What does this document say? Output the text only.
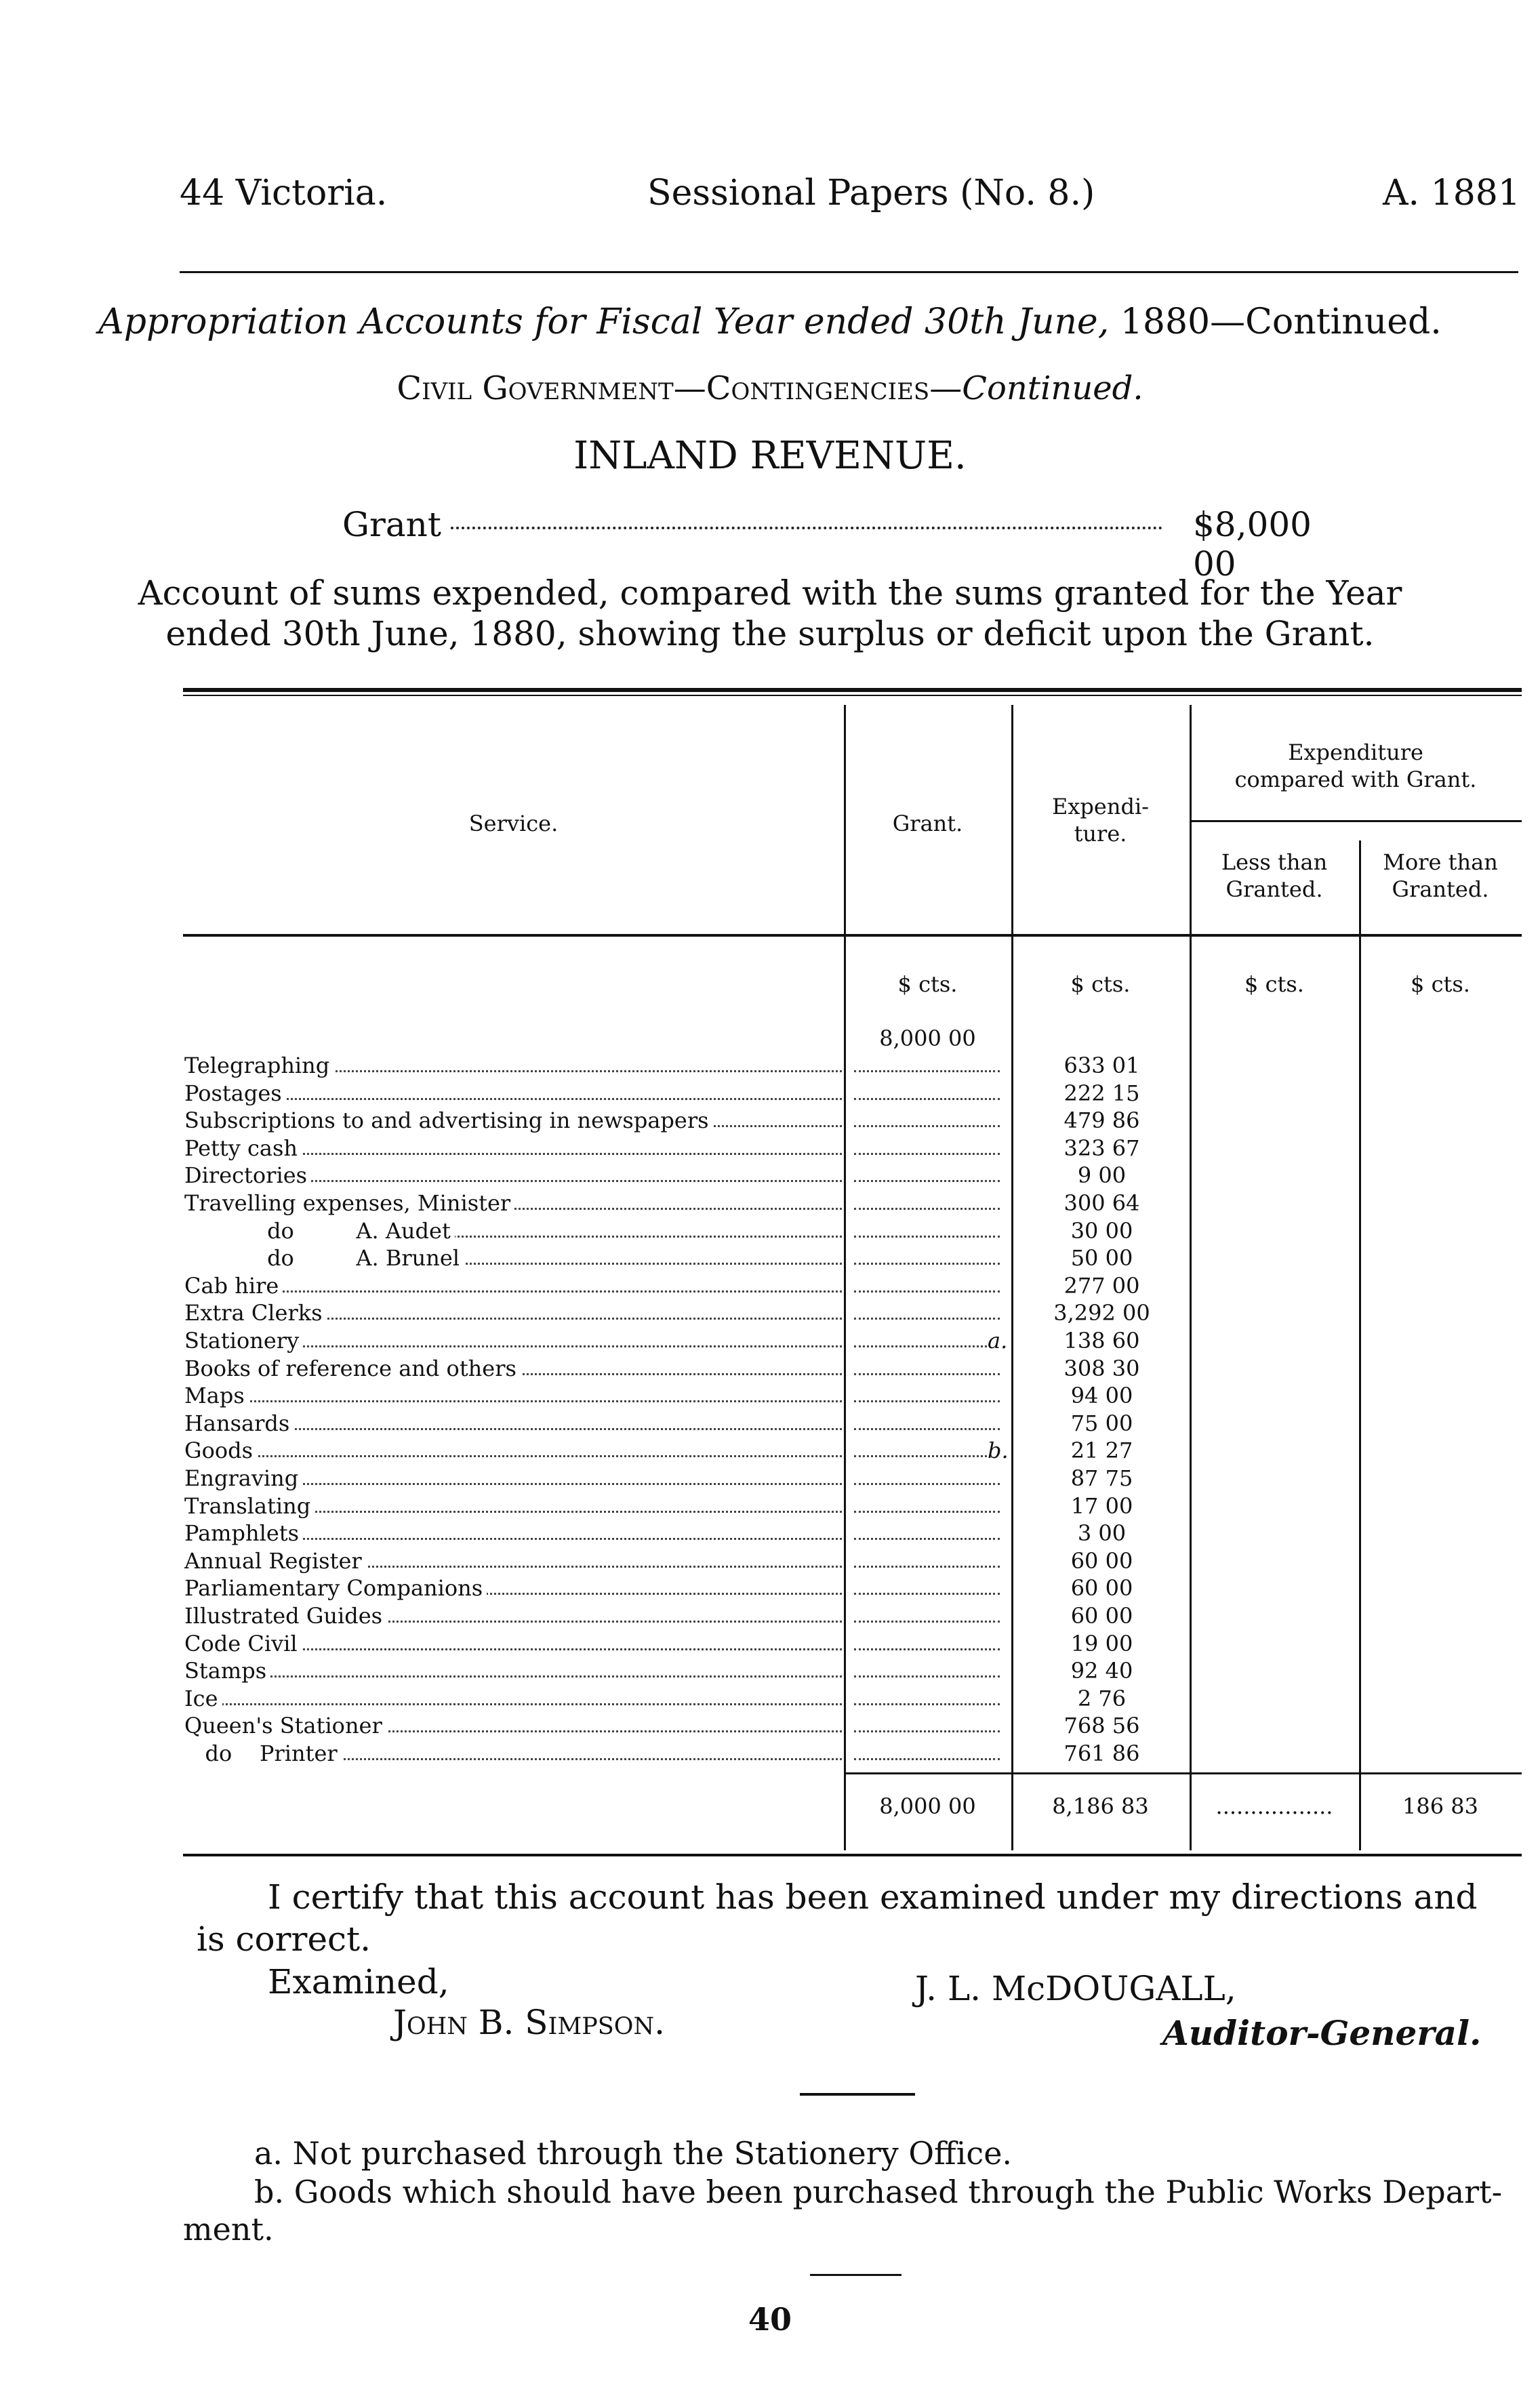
44 Victoria.	Sessional Papers (No. 8.)	A. 1881
Appropriation Accounts for Fiscal Year ended 30th June, 1880—Continued.
Civil Government—Contingencies—Continued.
INLAND REVENUE.
Grant	$8,000 00
Account of sums expended, compared with the sums granted for the Year
ended 30th June, 1880, showing the surplus or deficit upon the Grant.
Service.	Grant.
Expendi-
ture.
Expenditure
compared with Grant.
Less than
Granted.
More than
Granted.
$ cts.	$ cts.	$ cts.	$ cts.
8,000 00
Telegraphing	633 01
Postages	222 15
Subscriptions to and advertising in newspapers	479 86
Petty cash	323 67
Directories	9 00
Travelling expenses, Minister	300 64
do         A. Audet	30 00
do         A. Brunel	50 00
Cab hire	277 00
Extra Clerks	3,292 00
Stationery	a.	138 60
Books of reference and others	308 30
Maps	94 00
Hansards	75 00
Goods	b.	21 27
Engraving	87 75
Translating	17 00
Pamphlets	3 00
Annual Register	60 00
Parliamentary Companions	60 00
Illustrated Guides	60 00
Code Civil	19 00
Stamps	92 40
Ice	2 76
Queen's Stationer	768 56
do    Printer	761 86
8,000 00	8,186 83	.................	186 83
I certify that this account has been examined under my directions and
is correct.
Examined,
John B. Simpson.
J. L. McDOUGALL,
Auditor-General.
a. Not purchased through the Stationery Office.
b. Goods which should have been purchased through the Public Works Depart-
ment.
40
